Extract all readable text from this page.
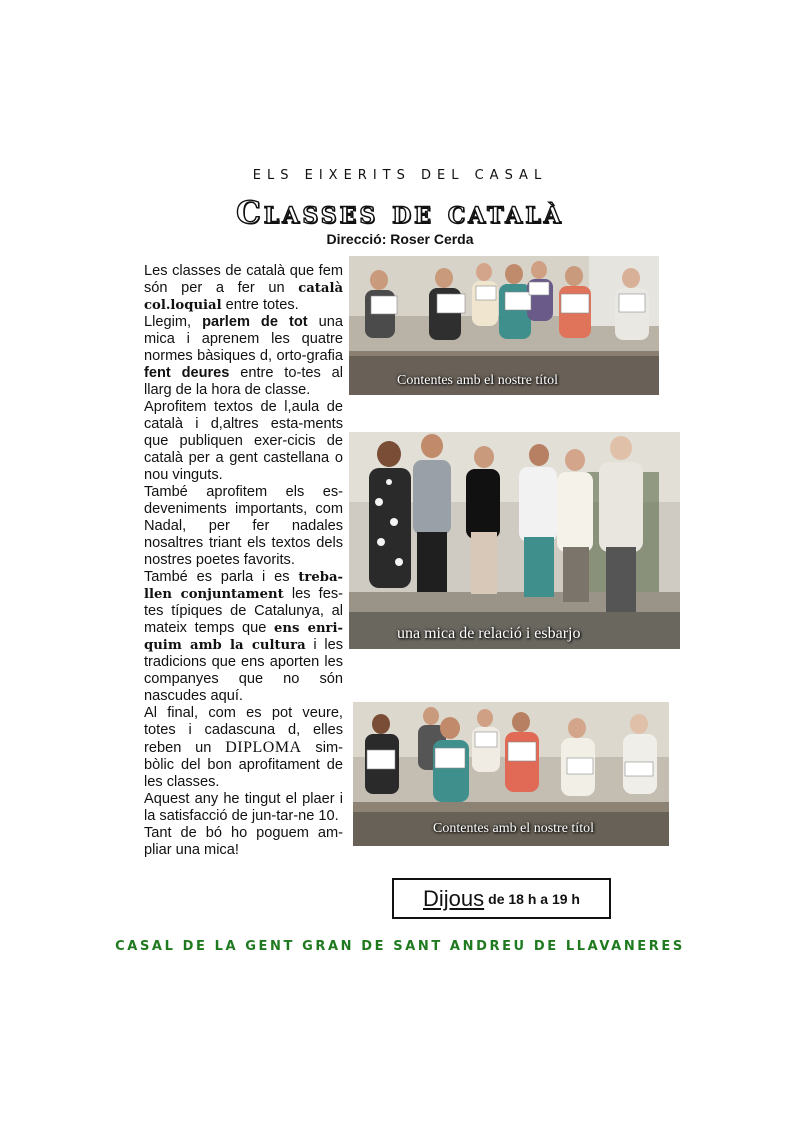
ELS EIXERITS DEL CASAL
Classes de català
Direcció: Roser Cerda

Les classes de català que fem són per a fer un català col.loquial entre totes.

Llegim, parlem de tot una mica i aprenem les quatre normes bàsiques d, orto-grafia fent deures entre to-tes al llarg de la hora de classe.

Aprofitem textos de l,aula de català i d,altres esta-ments que publiquen exer-cicis de català per a gent castellana o nou vinguts.

També aprofitem els es-deveniments importants, com Nadal, per fer nadales nosaltres triant els textos dels nostres poetes favorits.

També es parla i es treba-llen conjuntament les fes-tes típiques de Catalunya, al mateix temps que ens enri-quim amb la cultura i les tradicions que ens aporten les companyes que no són nascudes aquí.

Al final, com es pot veure, totes i cadascuna d, elles reben un DIPLOMA sim-bòlic del bon aprofitament de les classes.

Aquest any he tingut el plaer i la satisfacció de jun-tar-ne 10.

Tant de bó ho poguem am-pliar una mica!

Contentes amb el nostre títol
una mica de relació i esbarjo
Contentes amb el nostre títol
Dijous de 18 h a 19 h
CASAL DE LA GENT GRAN DE SANT ANDREU DE LLAVANERES
